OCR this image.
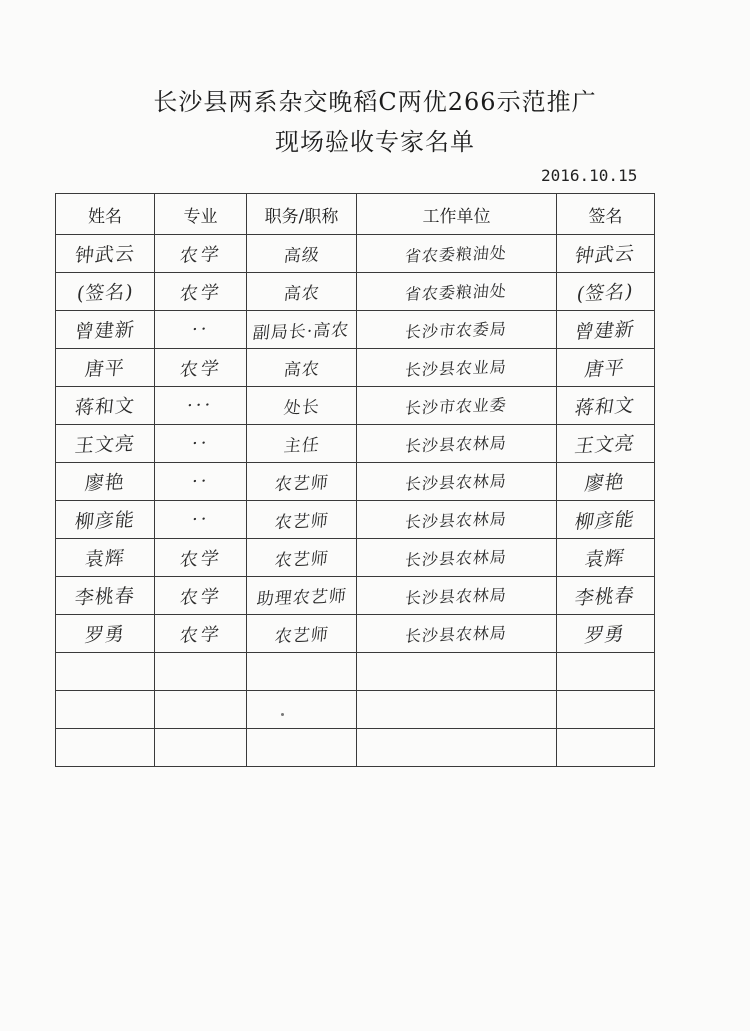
长沙县两系杂交晚稻C两优266示范推广
现场验收专家名单
2016.10.15
姓名	专业	职务/职称	工作单位	签名
钟武云	农学	高级	省农委粮油处	钟武云
(签名)	农学	高农	省农委粮油处	(签名)
曾建新	··	副局长·高农	长沙市农委局	曾建新
唐平	农学	高农	长沙县农业局	唐平
蒋和文	···	处长	长沙市农业委	蒋和文
王文亮	··	主任	长沙县农林局	王文亮
廖艳	··	农艺师	长沙县农林局	廖艳
柳彦能	··	农艺师	长沙县农林局	柳彦能
袁辉	农学	农艺师	长沙县农林局	袁辉
李桃春	农学	助理农艺师	长沙县农林局	李桃春
罗勇	农学	农艺师	长沙县农林局	罗勇
